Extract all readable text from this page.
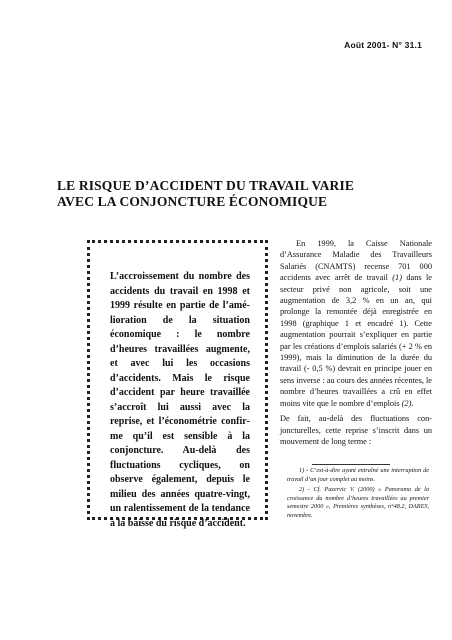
Août 2001- N° 31.1
LE RISQUE D’ACCIDENT DU TRAVAIL VARIE
AVEC LA CONJONCTURE ÉCONOMIQUE
L’accroissement du nombre des accidents du travail en 1998 et 1999 résulte en partie de l’amélioration de la situation économique : le nombre d’heures travaillées augmente, et avec lui les occasions d’accidents. Mais le risque d’accident par heure travaillée s’accroît lui aussi avec la reprise, et l’économétrie confirme qu’il est sensible à la conjoncture. Au-delà des fluctuations cycliques, on observe également, depuis le milieu des années quatre-vingt, un ralentissement de la tendance à la baisse du risque d’accident.

En 1999, la Caisse Nationale d’Assurance Maladie des Travailleurs Salariés (CNAMTS) recense 701 000 accidents avec arrêt de travail (1) dans le secteur privé non agricole, soit une augmentation de 3,2 % en un an, qui prolonge la remontée déjà enregistrée en 1998 (graphique 1 et encadré 1). Cette augmentation pourrait s’expliquer en partie par les créations d’emplois salariés (+ 2 % en 1999), mais la diminution de la durée du travail (- 0,5 %) devrait en principe jouer en sens inverse : au cours des années récentes, le nombre d’heures travaillées a crû en effet moins vite que le nombre d’emplois (2).

De fait, au-delà des fluctuations conjoncturelles, cette reprise s’inscrit dans un mouvement de long terme :

1) - C’est-à-dire ayant entraîné une interruption de travail d’un jour complet au moins.

2) - Cf. Pazervic V. (2000) « Panorama de la croissance du nombre d’heures travaillées au premier semestre 2000 », Premières synthèses, n°48.2, DARES, novembre.
